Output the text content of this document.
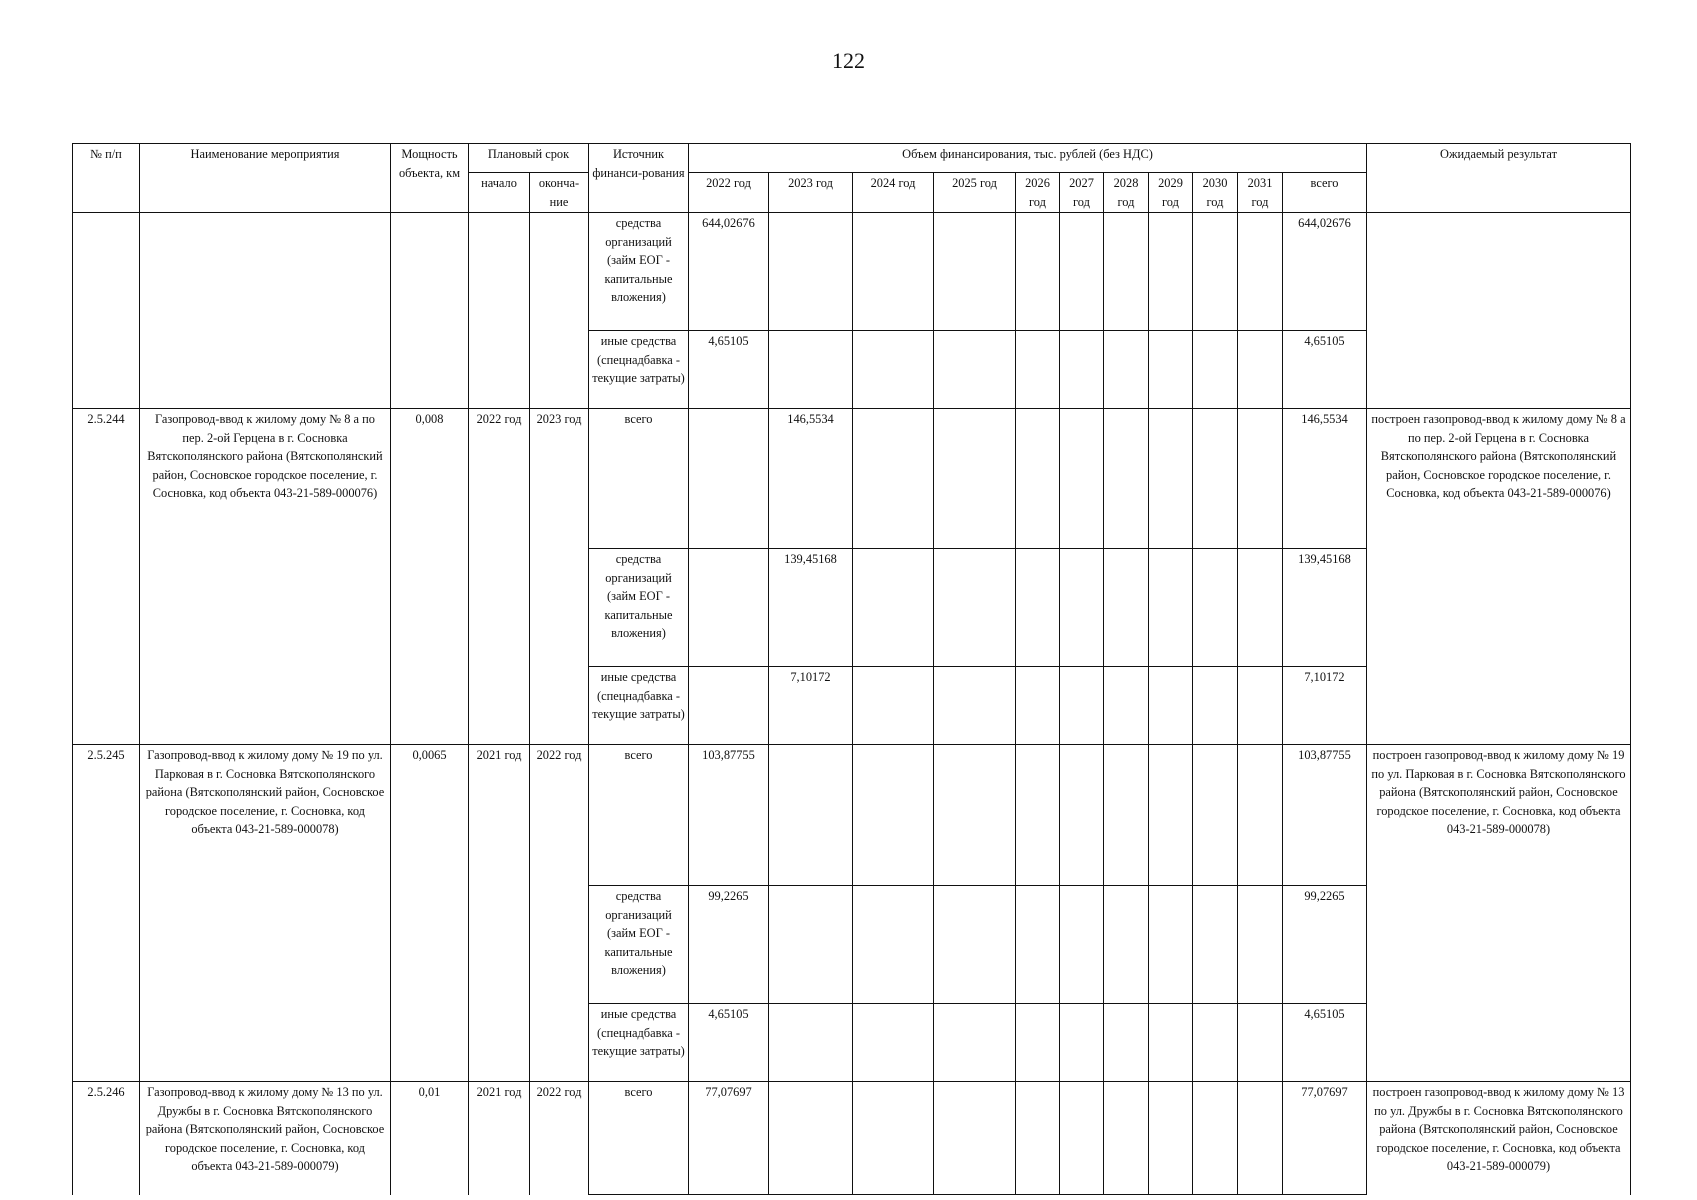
122
№ п/п	Наименование мероприятия	Мощность объекта, км	Плановый срок		Источник финанси-рования	Объем финансирования, тыс. рублей (без НДС)											Ожидаемый результат
			начало	оконча-ние		2022 год	2023 год	2024 год	2025 год	2026 год	2027 год	2028 год	2029 год	2030 год	2031 год	всего	
					средства организаций (займ ЕОГ - капитальные вложения)	644,02676										644,02676	
					иные средства (спецнадбавка - текущие затраты)	4,65105										4,65105	
2.5.244	Газопровод-ввод к жилому дому № 8 а по пер. 2-ой Герцена в г. Сосновка Вятскополянского района (Вятскополянский район, Сосновское городское поселение, г. Сосновка, код объекта 043-21-589-000076)	0,008	2022 год	2023 год	всего		146,5534									146,5534	построен газопровод-ввод к жилому дому № 8 а по пер. 2-ой Герцена в г. Сосновка Вятскополянского района (Вятскополянский район, Сосновское городское поселение, г. Сосновка, код объекта 043-21-589-000076)
					средства организаций (займ ЕОГ - капитальные вложения)		139,45168									139,45168	
					иные средства (спецнадбавка - текущие затраты)		7,10172									7,10172	
2.5.245	Газопровод-ввод к жилому дому № 19 по ул. Парковая в г. Сосновка Вятскополянского района (Вятскополянский район, Сосновское городское поселение, г. Сосновка, код объекта 043-21-589-000078)	0,0065	2021 год	2022 год	всего	103,87755										103,87755	построен газопровод-ввод к жилому дому № 19 по ул. Парковая в г. Сосновка Вятскополянского района (Вятскополянский район, Сосновское городское поселение, г. Сосновка, код объекта 043-21-589-000078)
					средства организаций (займ ЕОГ - капитальные вложения)	99,2265										99,2265	
					иные средства (спецнадбавка - текущие затраты)	4,65105										4,65105	
2.5.246	Газопровод-ввод к жилому дому № 13 по ул. Дружбы в г. Сосновка Вятскополянского района (Вятскополянский район, Сосновское городское поселение, г. Сосновка, код объекта 043-21-589-000079)	0,01	2021 год	2022 год	всего	77,07697										77,07697	построен газопровод-ввод к жилому дому № 13 по ул. Дружбы в г. Сосновка Вятскополянского района (Вятскополянский район, Сосновское городское поселение, г. Сосновка, код объекта 043-21-589-000079)
